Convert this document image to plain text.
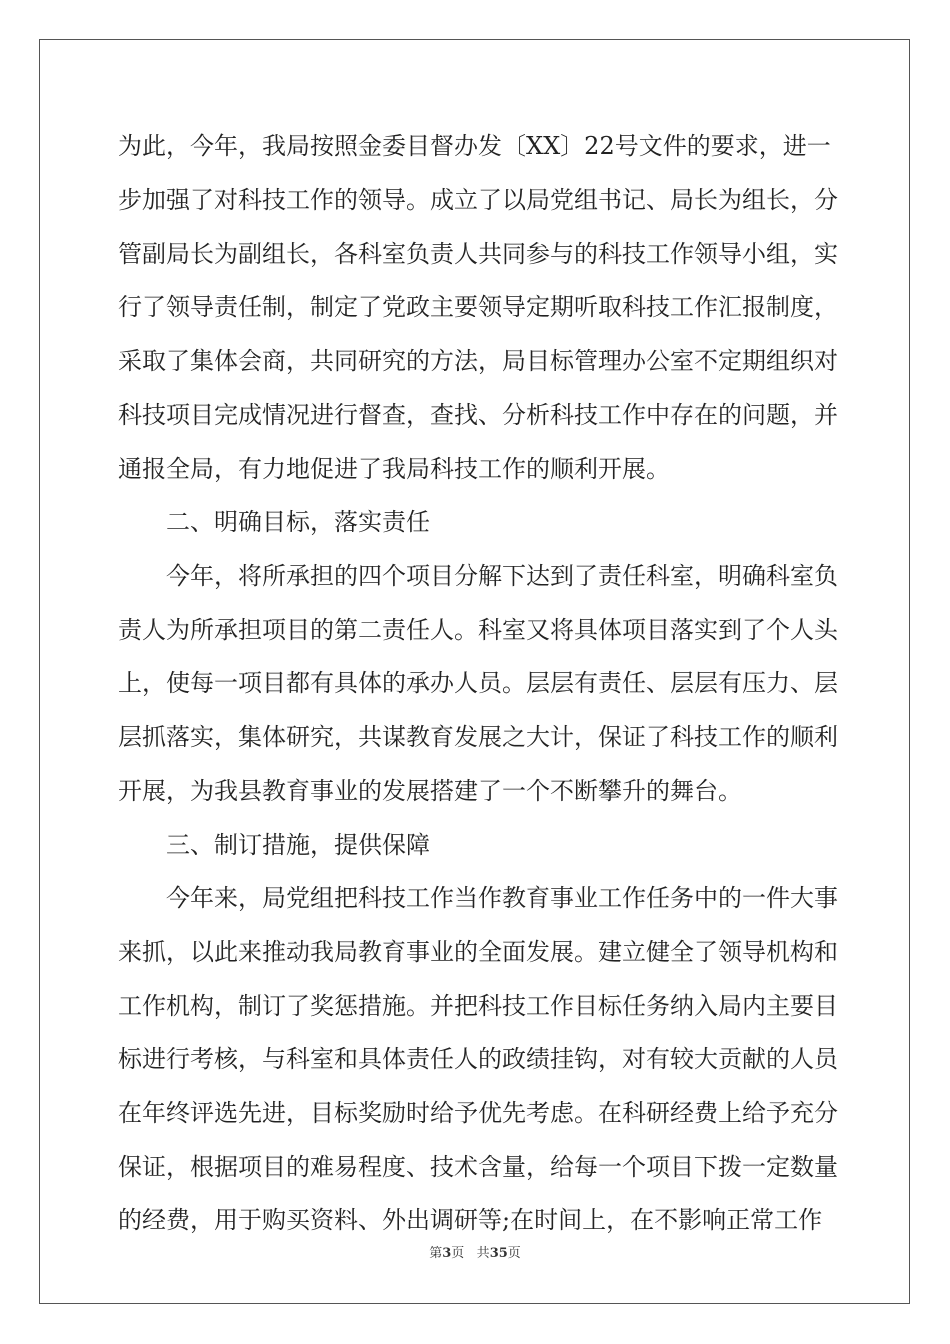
为此，今年，我局按照金委目督办发〔XX〕22号文件的要求，进一
步加强了对科技工作的领导。成立了以局党组书记、局长为组长，分
管副局长为副组长，各科室负责人共同参与的科技工作领导小组，实
行了领导责任制，制定了党政主要领导定期听取科技工作汇报制度，
采取了集体会商，共同研究的方法，局目标管理办公室不定期组织对
科技项目完成情况进行督查，查找、分析科技工作中存在的问题，并
通报全局，有力地促进了我局科技工作的顺利开展。
二、明确目标，落实责任
今年，将所承担的四个项目分解下达到了责任科室，明确科室负
责人为所承担项目的第二责任人。科室又将具体项目落实到了个人头
上，使每一项目都有具体的承办人员。层层有责任、层层有压力、层
层抓落实，集体研究，共谋教育发展之大计，保证了科技工作的顺利
开展，为我县教育事业的发展搭建了一个不断攀升的舞台。
三、制订措施，提供保障
今年来，局党组把科技工作当作教育事业工作任务中的一件大事
来抓，以此来推动我局教育事业的全面发展。建立健全了领导机构和
工作机构，制订了奖惩措施。并把科技工作目标任务纳入局内主要目
标进行考核，与科室和具体责任人的政绩挂钩，对有较大贡献的人员
在年终评选先进，目标奖励时给予优先考虑。在科研经费上给予充分
保证，根据项目的难易程度、技术含量，给每一个项目下拨一定数量
的经费，用于购买资料、外出调研等;在时间上，在不影响正常工作
第3页 共35页
